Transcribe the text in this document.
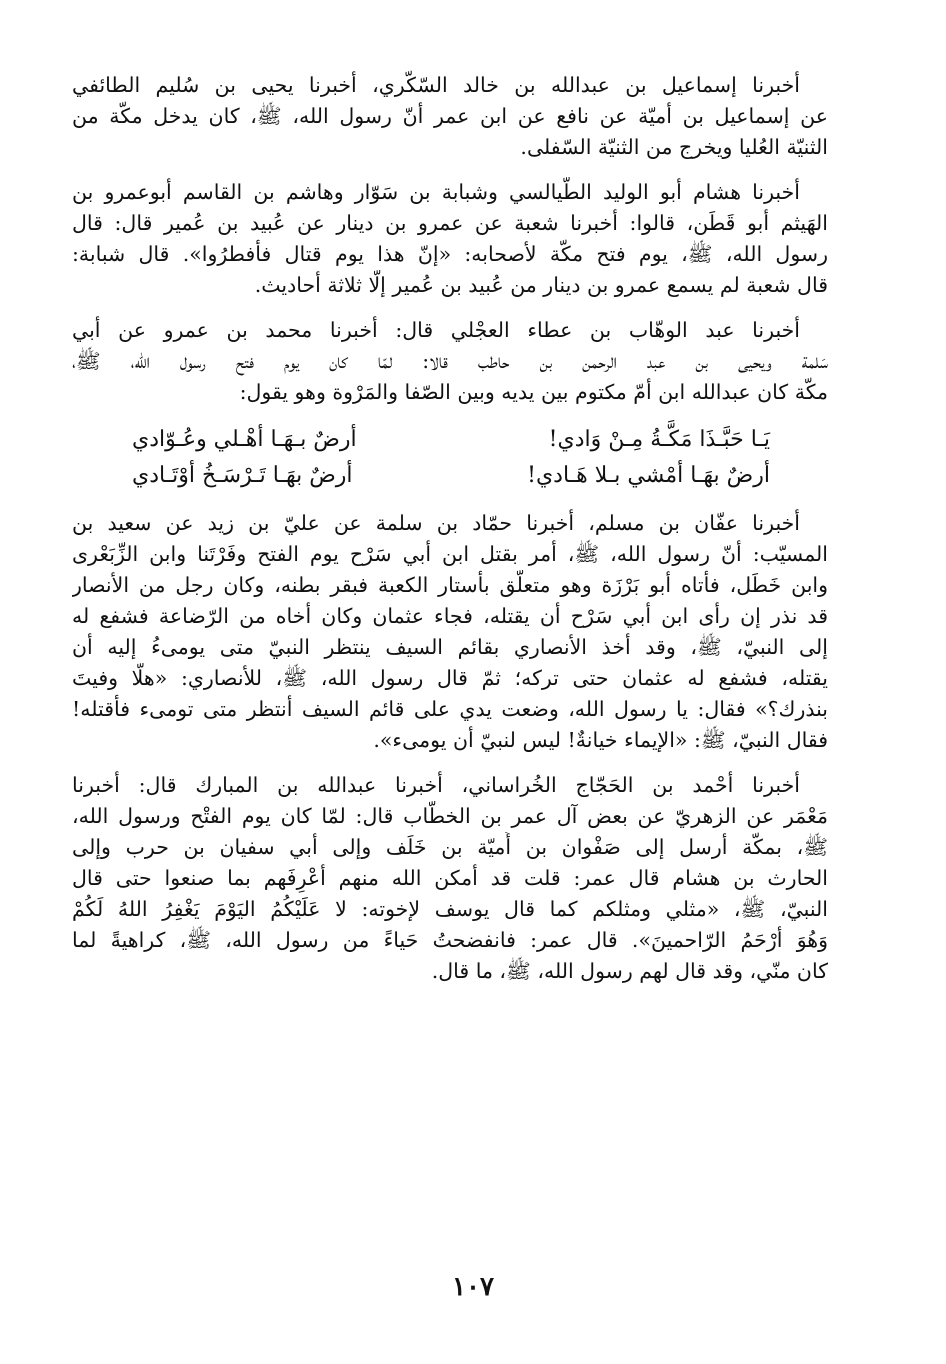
أخبرنا إسماعيل بن عبدالله بن خالد السّكّري، أخبرنا يحيى بن سُليم الطائفي
عن إسماعيل بن أميّة عن نافع عن ابن عمر أنّ رسول الله، ﷺ، كان يدخل مكّة من
الثنيّة العُليا ويخرج من الثنيّة السّفلى.
أخبرنا هشام أبو الوليد الطّيالسي وشبابة بن سَوّار وهاشم بن القاسم أبوعمرو بن
الهَيثم أبو قَطَن، قالوا: أخبرنا شعبة عن عمرو بن دينار عن عُبيد بن عُمير قال: قال
رسول الله، ﷺ، يوم فتح مكّة لأصحابه: «إنّ هذا يوم قتال فأفطرُوا». قال شبابة:
قال شعبة لم يسمع عمرو بن دينار من عُبيد بن عُمير إلّا ثلاثة أحاديث.
أخبرنا عبد الوهّاب بن عطاء العجْلي قال: أخبرنا محمد بن عمرو عن أبي
سَلمة ويحيى بن عبد الرحمن بن حاطب قالا: لمّا كان يوم فتح رسول الله، ﷺ،
مكّة كان عبدالله ابن أمّ مكتوم بين يديه وبين الصّفا والمَرْوة وهو يقول:
يَـا حَبَّـذَا مَكَّـةُ مِـنْ وَادي!
أرضٌ بـهَـا أهْـلي وعُـوّادي
أرضٌ بهَـا أمْشي بـلا هَـادي!
أرضٌ بهَـا تَـرْسَـخُ أوْتَـادي
أخبرنا عفّان بن مسلم، أخبرنا حمّاد بن سلمة عن عليّ بن زيد عن سعيد بن
المسيّب: أنّ رسول الله، ﷺ، أمر بقتل ابن أبي سَرْح يوم الفتح وفَرْتَنا وابن الزِّبَعْرى
وابن خَطَل، فأتاه أبو بَرْزَة وهو متعلّق بأستار الكعبة فبقر بطنه، وكان رجل من الأنصار
قد نذر إن رأى ابن أبي سَرْح أن يقتله، فجاء عثمان وكان أخاه من الرّضاعة فشفع له
إلى النبيّ، ﷺ، وقد أخذ الأنصاري بقائم السيف ينتظر النبيّ متى يومىءُ إليه أن
يقتله، فشفع له عثمان حتى تركه؛ ثمّ قال رسول الله، ﷺ، للأنصاري: «هلّا وفيتَ
بنذرك؟» فقال: يا رسول الله، وضعت يدي على قائم السيف أنتظر متى تومىء فأقتله!
فقال النبيّ، ﷺ: «الإيماء خيانةٌ! ليس لنبيّ أن يومىء».
أخبرنا أحْمد بن الحَجّاج الخُراساني، أخبرنا عبدالله بن المبارك قال: أخبرنا
مَعْمَر عن الزهريّ عن بعض آل عمر بن الخطّاب قال: لمّا كان يوم الفتْح ورسول الله،
ﷺ، بمكّة أرسل إلى صَفْوان بن أُميّة بن خَلَف وإلى أبي سفيان بن حرب وإلى
الحارث بن هشام قال عمر: قلت قد أمكن الله منهم أعْرِفَهم بما صنعوا حتى قال
النبيّ، ﷺ، «مثلي ومثلكم كما قال يوسف لإخوته: لا عَلَيْكُمُ اليَوْمَ يَغْفِرُ اللهُ لَكُمْ
وَهُوَ أرْحَمُ الرّاحمينَ». قال عمر: فانفضحتُ حَياءً من رسول الله، ﷺ، كراهيةً لما
كان منّي، وقد قال لهم رسول الله، ﷺ، ما قال.
١٠٧
